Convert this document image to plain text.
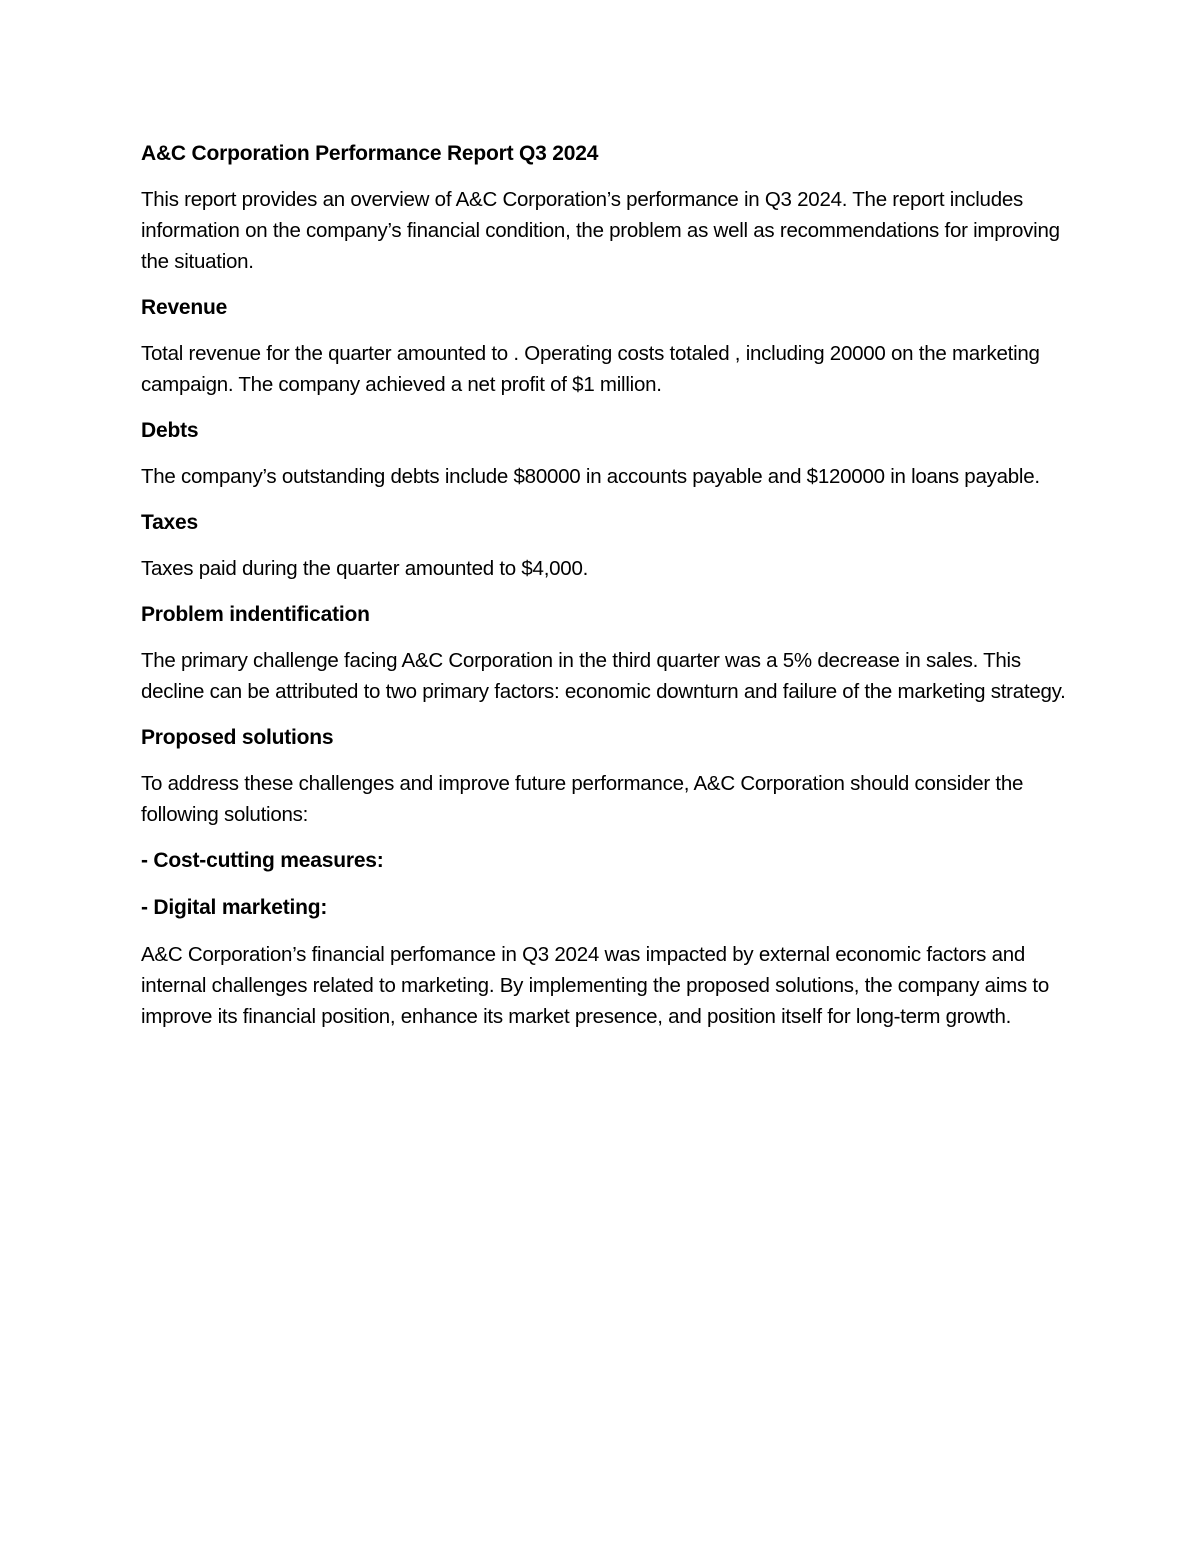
A&C Corporation Performance Report Q3 2024

This report provides an overview of A&C Corporation’s performance in Q3 2024. The report includes information on the company’s financial condition, the problem as well as recommendations for improving the situation.

Revenue

Total revenue for the quarter amounted to . Operating costs totaled , including 20000 on the marketing campaign. The company achieved a net profit of $1 million.

Debts

The company’s outstanding debts include $80000 in accounts payable and $120000 in loans payable.

Taxes

Taxes paid during the quarter amounted to $4,000.

Problem indentification

The primary challenge facing A&C Corporation in the third quarter was a 5% decrease in sales. This decline can be attributed to two primary factors: economic downturn and failure of the marketing strategy.

Proposed solutions

To address these challenges and improve future performance, A&C Corporation should consider the following solutions:

- Cost-cutting measures:
- Digital marketing:

A&C Corporation’s financial perfomance in Q3 2024 was impacted by external economic factors and internal challenges related to marketing. By implementing the proposed solutions, the company aims to improve its financial position, enhance its market presence, and position itself for long-term growth.
